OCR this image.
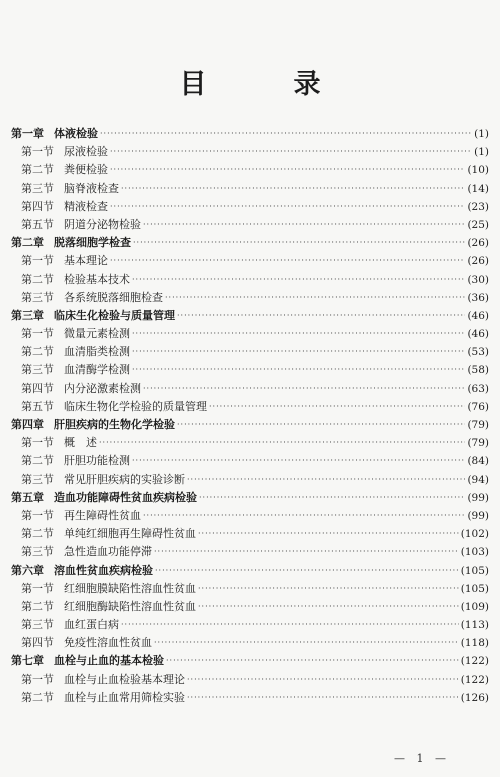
目　录
第一章 体液检验 ·····	(1)
第一节 尿液检验 ·····	(1)
第二节 粪便检验 ·····	(10)
第三节 脑脊液检查 ·····	(14)
第四节 精液检查 ·····	(23)
第五节 阴道分泌物检验 ·····	(25)
第二章 脱落细胞学检查 ·····	(26)
第一节 基本理论 ·····	(26)
第二节 检验基本技术 ·····	(30)
第三节 各系统脱落细胞检查 ·····	(36)
第三章 临床生化检验与质量管理 ·····	(46)
第一节 微量元素检测 ·····	(46)
第二节 血清脂类检测 ·····	(53)
第三节 血清酶学检测 ·····	(58)
第四节 内分泌激素检测 ·····	(63)
第五节 临床生物化学检验的质量管理 ·····	(76)
第四章 肝胆疾病的生物化学检验 ·····	(79)
第一节 概　述 ·····	(79)
第二节 肝胆功能检测 ·····	(84)
第三节 常见肝胆疾病的实验诊断 ·····	(94)
第五章 造血功能障碍性贫血疾病检验 ·····	(99)
第一节 再生障碍性贫血 ·····	(99)
第二节 单纯红细胞再生障碍性贫血 ·····	(102)
第三节 急性造血功能停滞 ·····	(103)
第六章 溶血性贫血疾病检验 ·····	(105)
第一节 红细胞膜缺陷性溶血性贫血 ·····	(105)
第二节 红细胞酶缺陷性溶血性贫血 ·····	(109)
第三节 血红蛋白病 ·····	(113)
第四节 免疫性溶血性贫血 ·····	(118)
第七章 血栓与止血的基本检验 ·····	(122)
第一节 血栓与止血检验基本理论 ·····	(122)
第二节 血栓与止血常用筛检实验 ·····	(126)
— 1 —
